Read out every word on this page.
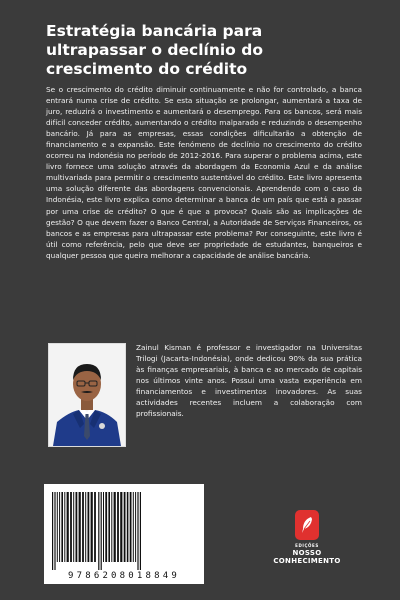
Estratégia bancária para ultrapassar o declínio do crescimento do crédito

Se o crescimento do crédito diminuir continuamente e não for controlado, a banca entrará numa crise de crédito. Se esta situação se prolongar, aumentará a taxa de juro, reduzirá o investimento e aumentará o desemprego. Para os bancos, será mais difícil conceder crédito, aumentando o crédito malparado e reduzindo o desempenho bancário. Já para as empresas, essas condições dificultarão a obtenção de financiamento e a expansão. Este fenómeno de declínio no crescimento do crédito ocorreu na Indonésia no período de 2012-2016. Para superar o problema acima, este livro fornece uma solução através da abordagem da Economia Azul e da análise multivariada para permitir o crescimento sustentável do crédito. Este livro apresenta uma solução diferente das abordagens convencionais. Aprendendo com o caso da Indonésia, este livro explica como determinar a banca de um país que está a passar por uma crise de crédito? O que é que a provoca? Quais são as implicações de gestão? O que devem fazer o Banco Central, a Autoridade de Serviços Financeiros, os bancos e as empresas para ultrapassar este problema? Por conseguinte, este livro é útil como referência, pelo que deve ser propriedade de estudantes, banqueiros e qualquer pessoa que queira melhorar a capacidade de análise bancária.

Zainul Kisman é professor e investigador na Universitas Trilogi (Jacarta-Indonésia), onde dedicou 90% da sua prática às finanças empresariais, à banca e ao mercado de capitais nos últimos vinte anos. Possui uma vasta experiência em financiamentos e investimentos inovadores. As suas actividades recentes incluem a colaboração com profissionais.

9786208018849
EDIÇÕES
NOSSO CONHECIMENTO
